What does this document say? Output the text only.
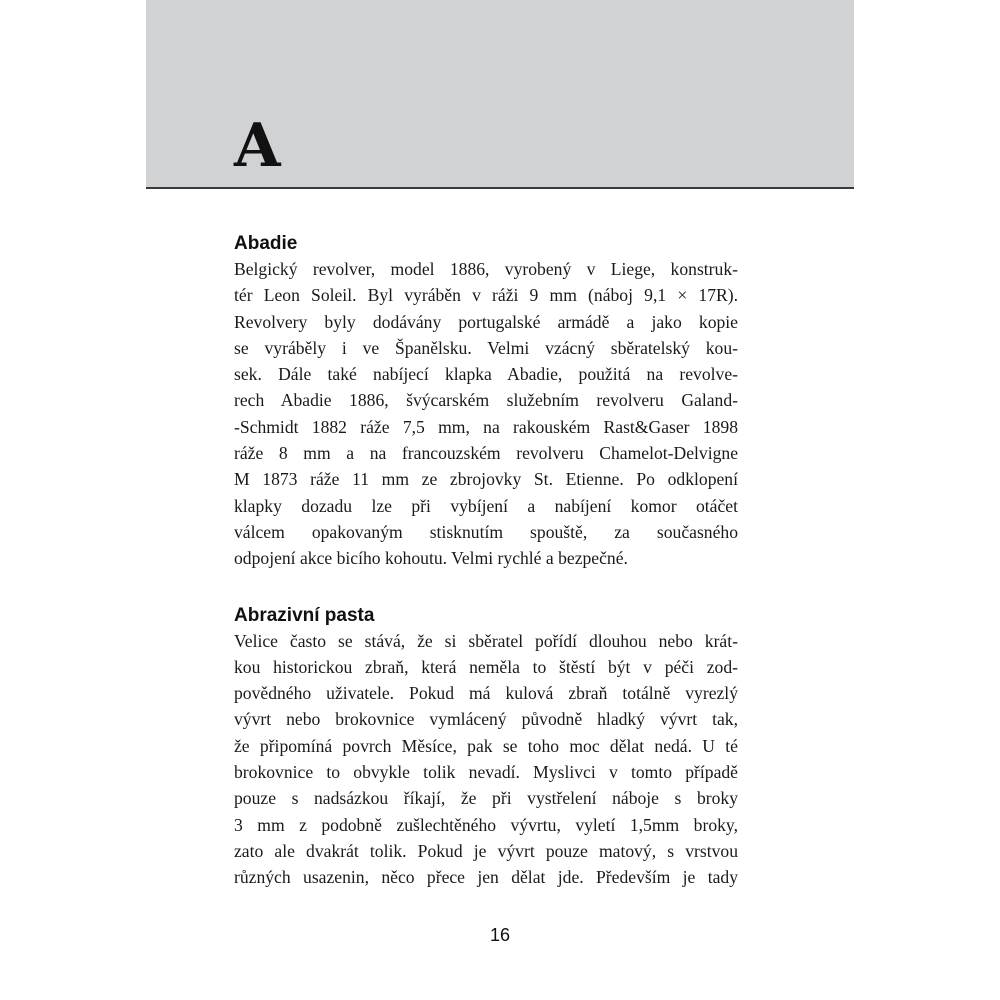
A
Abadie
Belgický revolver, model 1886, vyrobený v Liege, konstruk-
tér Leon Soleil. Byl vyráběn v ráži 9 mm (náboj 9,1 × 17R).
Revolvery byly dodávány portugalské armádě a jako kopie
se vyráběly i ve Španělsku. Velmi vzácný sběratelský kou-
sek. Dále také nabíjecí klapka Abadie, použitá na revolve-
rech Abadie 1886, švýcarském služebním revolveru Galand-
-Schmidt 1882 ráže 7,5 mm, na rakouském Rast&Gaser 1898
ráže 8 mm a na francouzském revolveru Chamelot-Delvigne
M 1873 ráže 11 mm ze zbrojovky St. Etienne. Po odklopení
klapky dozadu lze při vybíjení a nabíjení komor otáčet
válcem opakovaným stisknutím spouště, za současného
odpojení akce bicího kohoutu. Velmi rychlé a bezpečné.
Abrazivní pasta
Velice často se stává, že si sběratel pořídí dlouhou nebo krát-
kou historickou zbraň, která neměla to štěstí být v péči zod-
povědného uživatele. Pokud má kulová zbraň totálně vyrezlý
vývrt nebo brokovnice vymlácený původně hladký vývrt tak,
že připomíná povrch Měsíce, pak se toho moc dělat nedá. U té
brokovnice to obvykle tolik nevadí. Myslivci v tomto případě
pouze s nadsázkou říkají, že při vystřelení náboje s broky
3 mm z podobně zušlechtěného vývrtu, vyletí 1,5mm broky,
zato ale dvakrát tolik. Pokud je vývrt pouze matový, s vrstvou
různých usazenin, něco přece jen dělat jde. Především je tady
16
